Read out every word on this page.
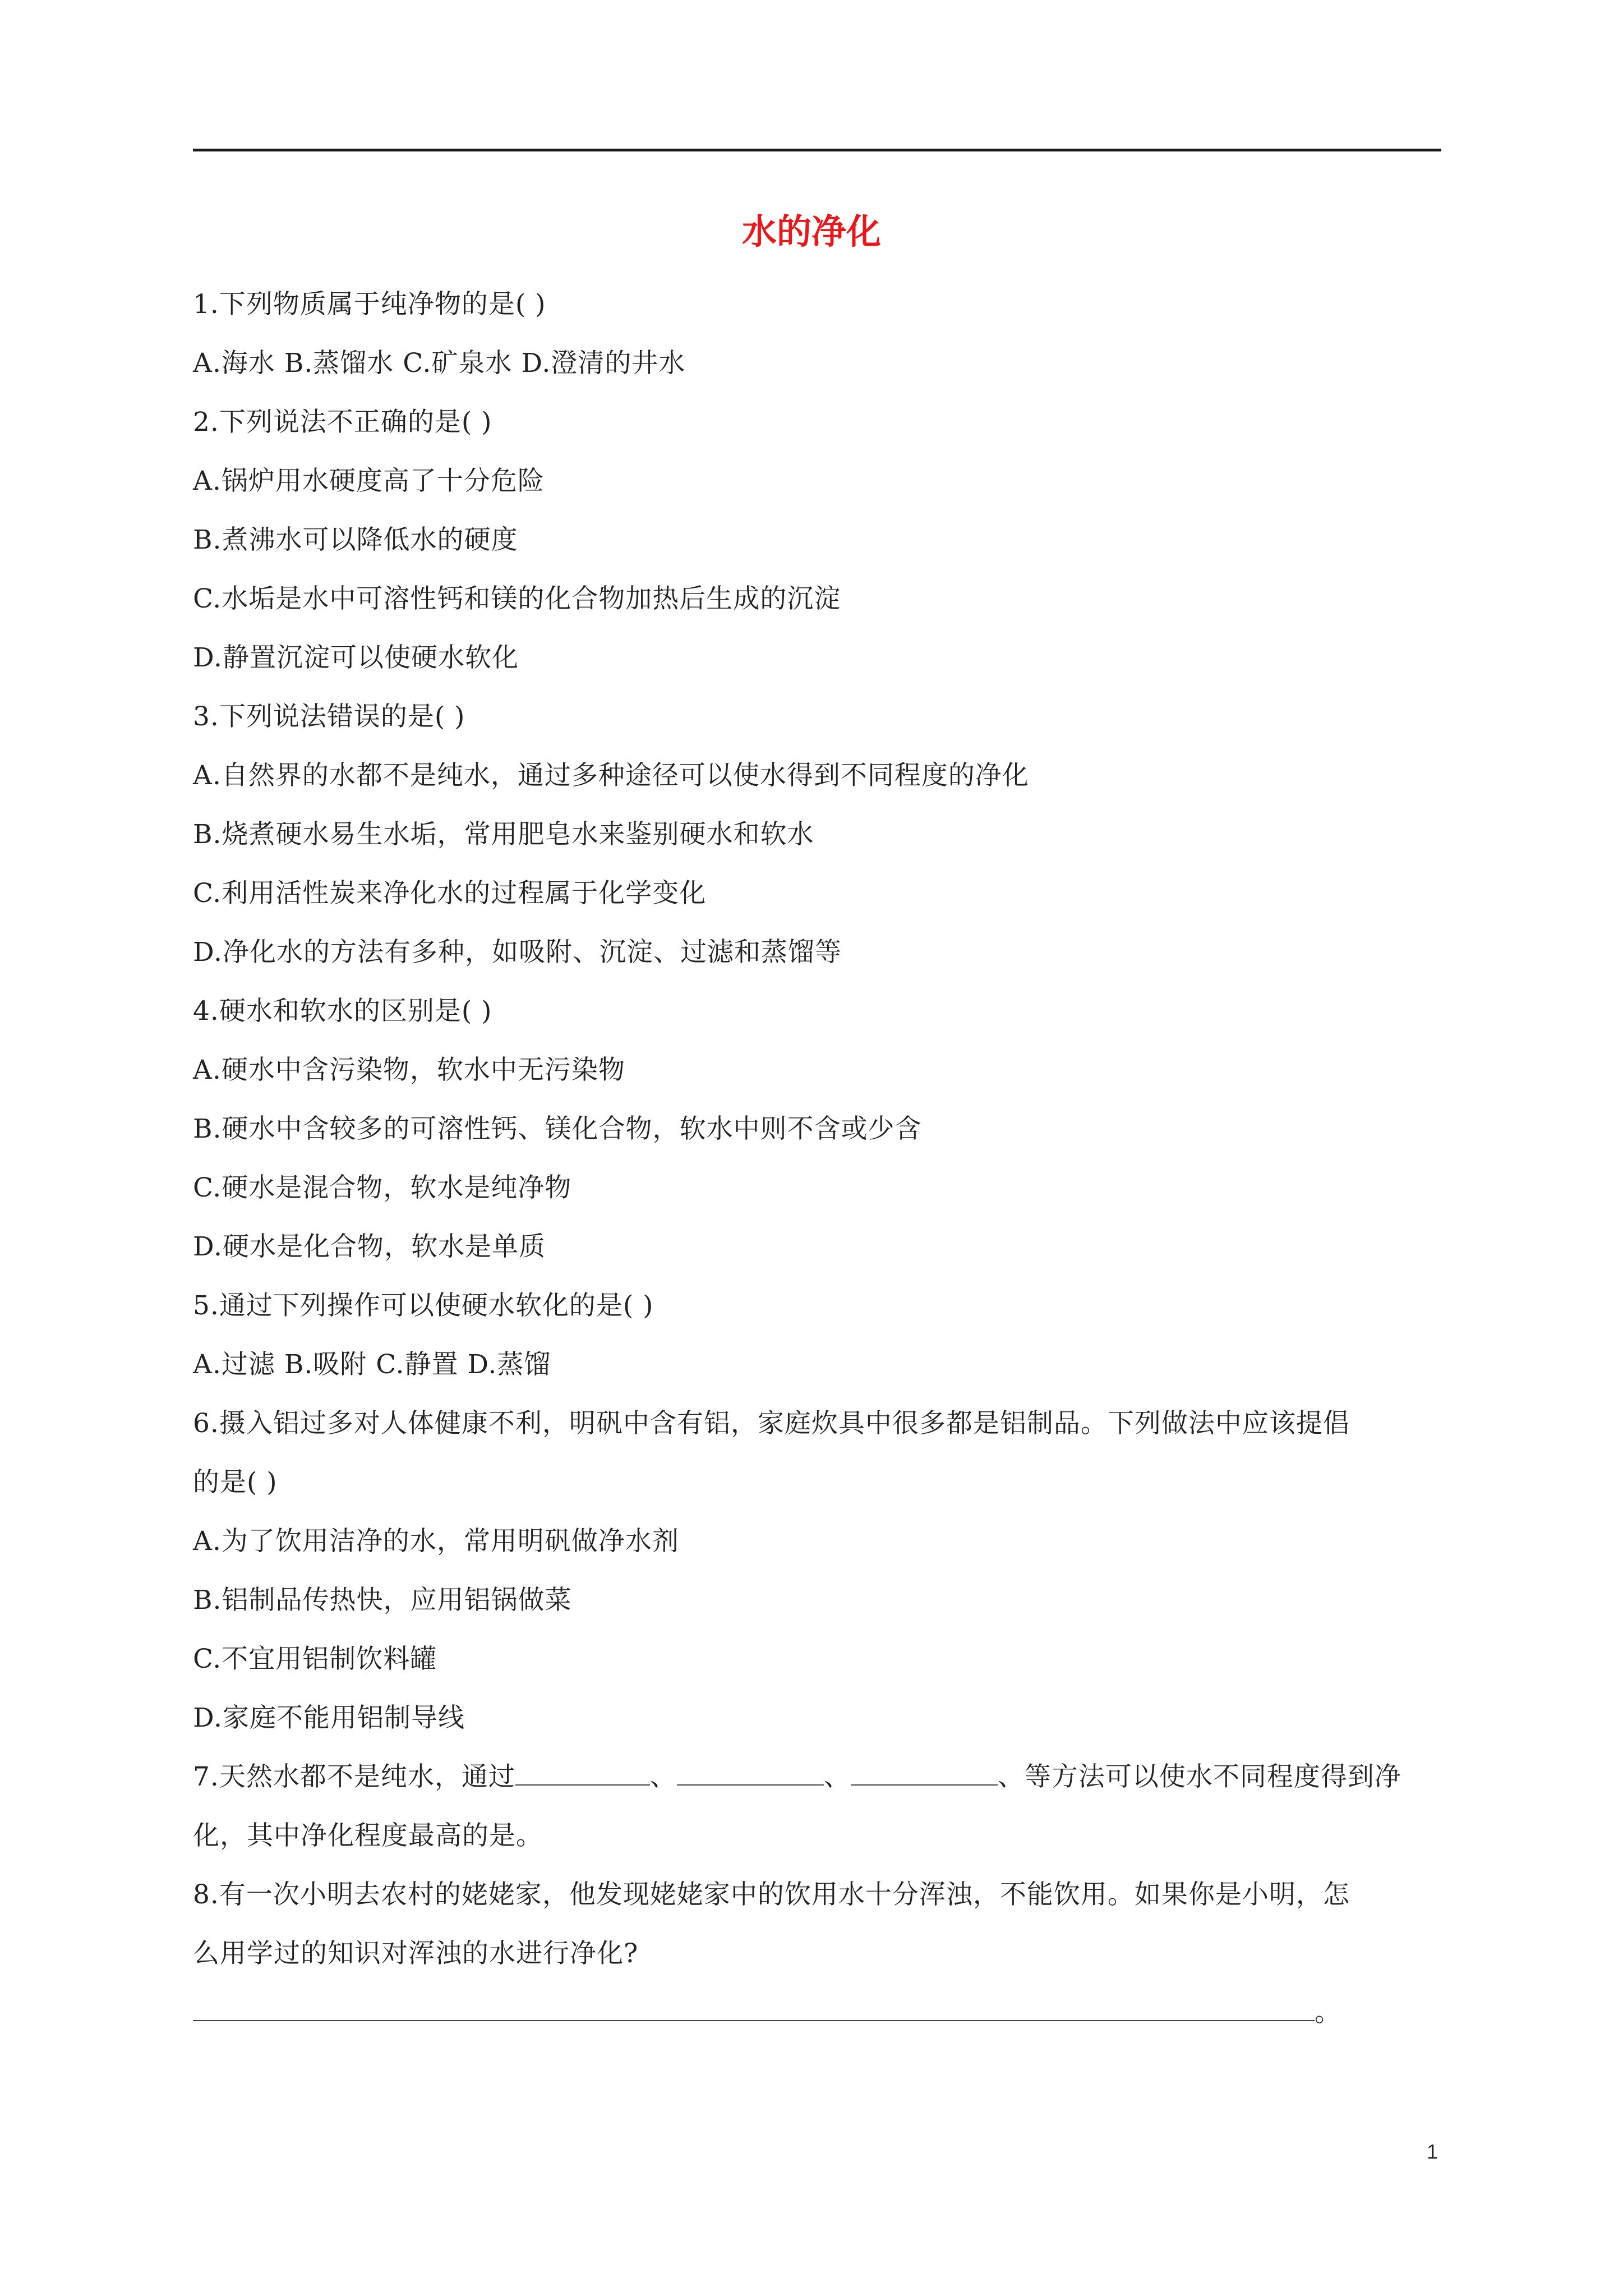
水的净化
1.下列物质属于纯净物的是( )
A.海水 B.蒸馏水 C.矿泉水 D.澄清的井水
2.下列说法不正确的是( )
A.锅炉用水硬度高了十分危险
B.煮沸水可以降低水的硬度
C.水垢是水中可溶性钙和镁的化合物加热后生成的沉淀
D.静置沉淀可以使硬水软化
3.下列说法错误的是( )
A.自然界的水都不是纯水，通过多种途径可以使水得到不同程度的净化
B.烧煮硬水易生水垢，常用肥皂水来鉴别硬水和软水
C.利用活性炭来净化水的过程属于化学变化
D.净化水的方法有多种，如吸附、沉淀、过滤和蒸馏等
4.硬水和软水的区别是( )
A.硬水中含污染物，软水中无污染物
B.硬水中含较多的可溶性钙、镁化合物，软水中则不含或少含
C.硬水是混合物，软水是纯净物
D.硬水是化合物，软水是单质
5.通过下列操作可以使硬水软化的是( )
A.过滤 B.吸附 C.静置 D.蒸馏
6.摄入铝过多对人体健康不利，明矾中含有铝，家庭炊具中很多都是铝制品。下列做法中应该提倡
的是( )
A.为了饮用洁净的水，常用明矾做净水剂
B.铝制品传热快，应用铝锅做菜
C.不宜用铝制饮料罐
D.家庭不能用铝制导线
7.天然水都不是纯水，通过	、	、	、等方法可以使水不同程度得到净
化，其中净化程度最高的是。
8.有一次小明去农村的姥姥家，他发现姥姥家中的饮用水十分浑浊，不能饮用。如果你是小明，怎
么用学过的知识对浑浊的水进行净化?
。
1
